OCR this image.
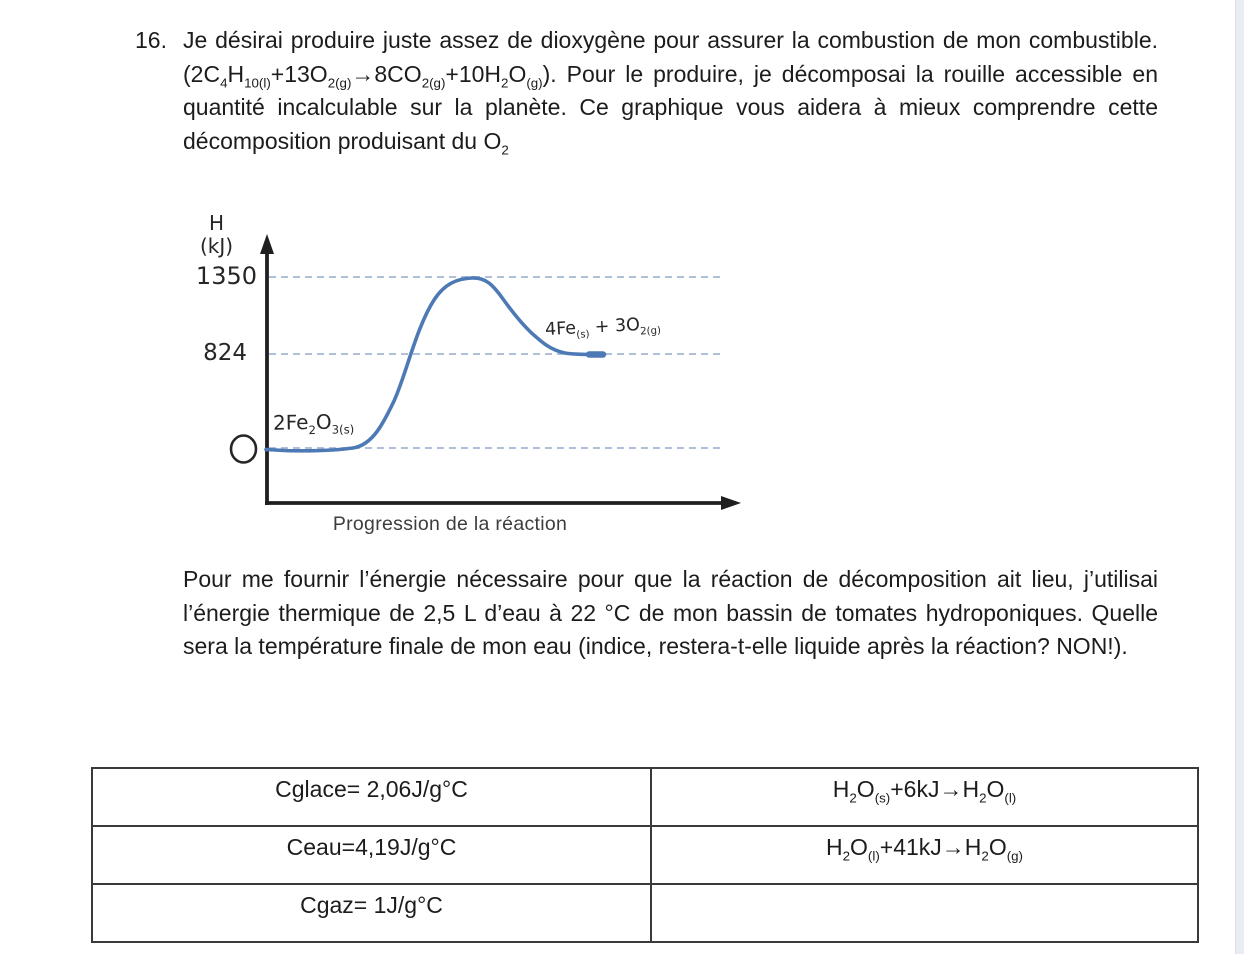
16. Je désirai produire juste assez de dioxygène pour assurer la combustion de mon combustible. $(2C_4H_{10(l)}+13O_{2(g)}\to 8CO_{2(g)}+10H_2O_{(g)})$. Pour le produire, je décomposai la rouille accessible en quantité incalculable sur la planète. Ce graphique vous aidera à mieux comprendre cette décomposition produisant du $O_2$
H
(kJ)
1350
824
$2Fe_2O_{3(s)}$
$4Fe_{(s)} + 3O_{2(g)}$
Progression de la réaction
Pour me fournir l’énergie nécessaire pour que la réaction de décomposition ait lieu, j’utilisai l’énergie thermique de 2,5 L d’eau à 22 °C de mon bassin de tomates hydroponiques. Quelle sera la température finale de mon eau (indice, restera-t-elle liquide après la réaction? NON!).
Cglace= 2,06J/g°C	$H_2O_{(s)}+6kJ\to H_2O_{(l)}$
Ceau=4,19J/g°C	$H_2O_{(l)}+41kJ\to H_2O_{(g)}$
Cgaz= 1J/g°C	
